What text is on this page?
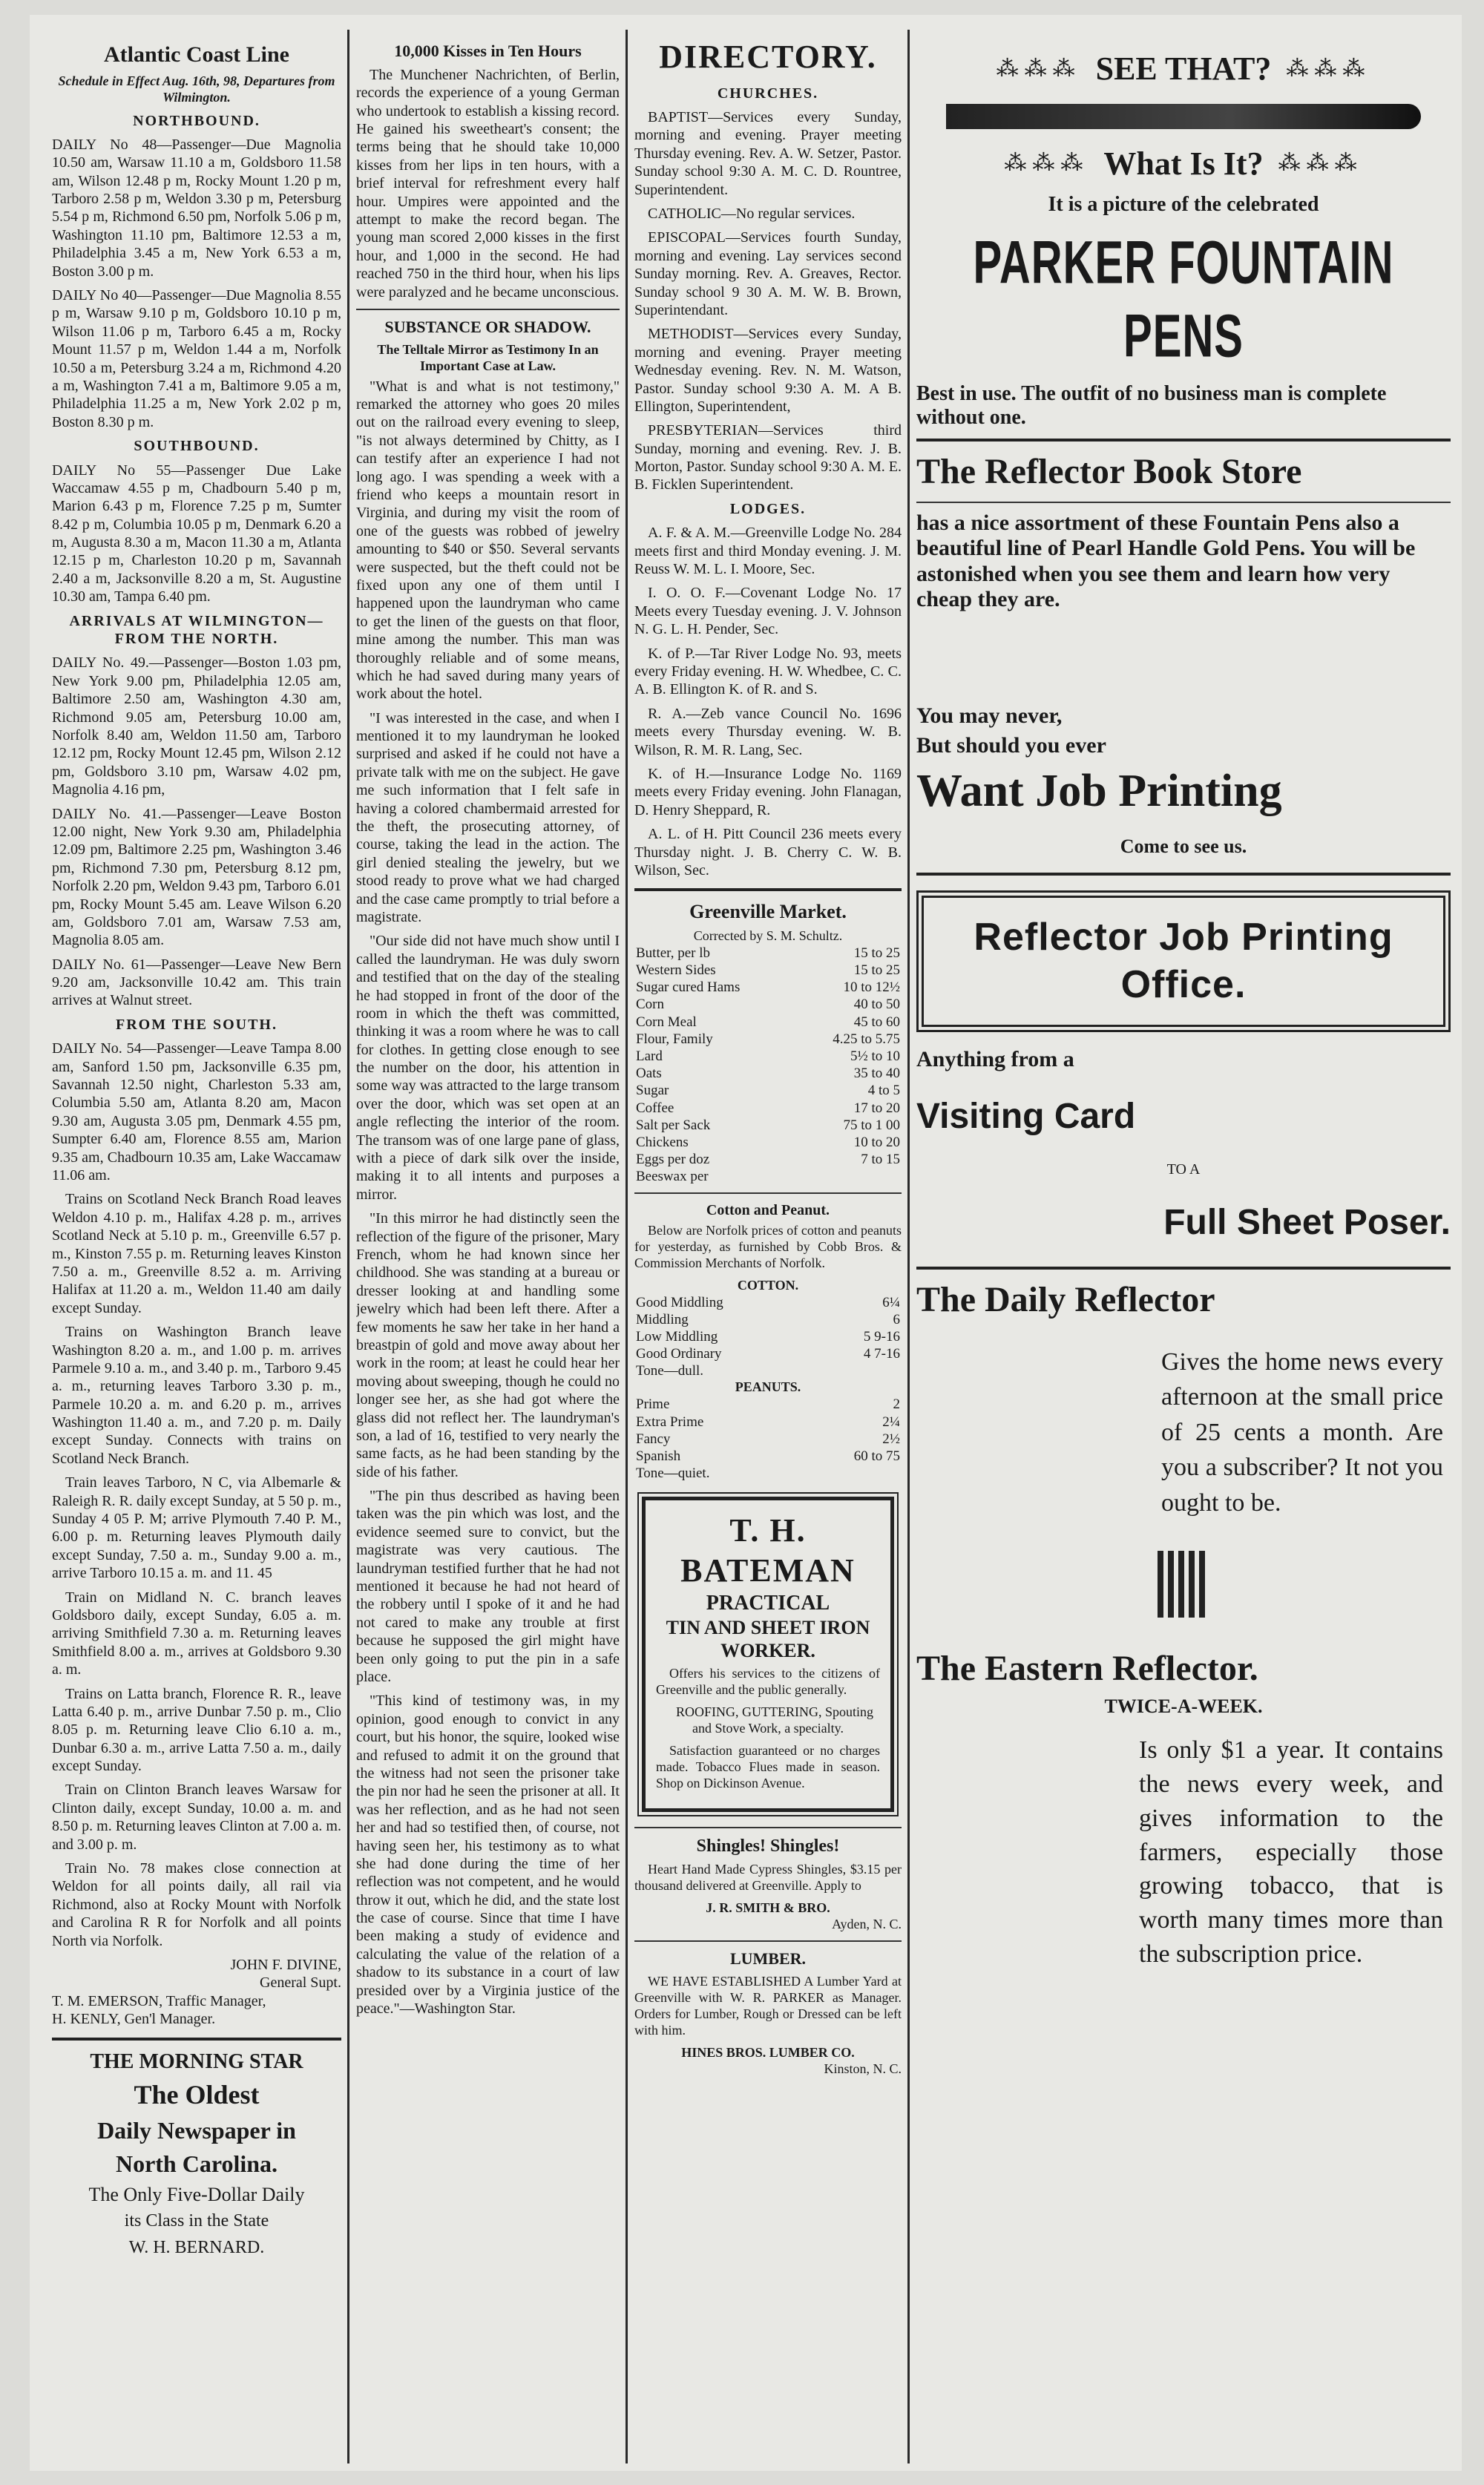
Atlantic Coast Line
Schedule in Effect Aug. 16th, 98, Departures from Wilmington.
NORTHBOUND.

DAILY No 48—Passenger—Due Magnolia 10.50 am, Warsaw 11.10 a m, Goldsboro 11.58 am, Wilson 12.48 p m, Rocky Mount 1.20 p m, Tarboro 2.58 p m, Weldon 3.30 p m, Petersburg 5.54 p m, Richmond 6.50 pm, Norfolk 5.06 p m, Washington 11.10 pm, Baltimore 12.53 a m, Philadelphia 3.45 a m, New York 6.53 a m, Boston 3.00 p m.

DAILY No 40—Passenger—Due Magnolia 8.55 p m, Warsaw 9.10 p m, Goldsboro 10.10 p m, Wilson 11.06 p m, Tarboro 6.45 a m, Rocky Mount 11.57 p m, Weldon 1.44 a m, Norfolk 10.50 a m, Petersburg 3.24 a m, Richmond 4.20 a m, Washington 7.41 a m, Baltimore 9.05 a m, Philadelphia 11.25 a m, New York 2.02 p m, Boston 8.30 p m.

SOUTHBOUND.

DAILY No 55—Passenger Due Lake Waccamaw 4.55 p m, Chadbourn 5.40 p m, Marion 6.43 p m, Florence 7.25 p m, Sumter 8.42 p m, Columbia 10.05 p m, Denmark 6.20 a m, Augusta 8.30 a m, Macon 11.30 a m, Atlanta 12.15 p m, Charleston 10.20 p m, Savannah 2.40 a m, Jacksonville 8.20 a m, St. Augustine 10.30 am, Tampa 6.40 pm.

ARRIVALS AT WILMINGTON—FROM THE NORTH.

DAILY No. 49.—Passenger—Boston 1.03 pm, New York 9.00 pm, Philadelphia 12.05 am, Baltimore 2.50 am, Washington 4.30 am, Richmond 9.05 am, Petersburg 10.00 am, Norfolk 8.40 am, Weldon 11.50 am, Tarboro 12.12 pm, Rocky Mount 12.45 pm, Wilson 2.12 pm, Goldsboro 3.10 pm, Warsaw 4.02 pm, Magnolia 4.16 pm,

DAILY No. 41.—Passenger—Leave Boston 12.00 night, New York 9.30 am, Philadelphia 12.09 pm, Baltimore 2.25 pm, Washington 3.46 pm, Richmond 7.30 pm, Petersburg 8.12 pm, Norfolk 2.20 pm, Weldon 9.43 pm, Tarboro 6.01 pm, Rocky Mount 5.45 am. Leave Wilson 6.20 am, Goldsboro 7.01 am, Warsaw 7.53 am, Magnolia 8.05 am.

DAILY No. 61—Passenger—Leave New Bern 9.20 am, Jacksonville 10.42 am. This train arrives at Walnut street.

FROM THE SOUTH.

DAILY No. 54—Passenger—Leave Tampa 8.00 am, Sanford 1.50 pm, Jacksonville 6.35 pm, Savannah 12.50 night, Charleston 5.33 am, Columbia 5.50 am, Atlanta 8.20 am, Macon 9.30 am, Augusta 3.05 pm, Denmark 4.55 pm, Sumpter 6.40 am, Florence 8.55 am, Marion 9.35 am, Chadbourn 10.35 am, Lake Waccamaw 11.06 am.

Trains on Scotland Neck Branch Road leaves Weldon 4.10 p. m., Halifax 4.28 p. m., arrives Scotland Neck at 5.10 p. m., Greenville 6.57 p. m., Kinston 7.55 p. m. Returning leaves Kinston 7.50 a. m., Greenville 8.52 a. m. Arriving Halifax at 11.20 a. m., Weldon 11.40 am daily except Sunday.

Trains on Washington Branch leave Washington 8.20 a. m., and 1.00 p. m. arrives Parmele 9.10 a. m., and 3.40 p. m., Tarboro 9.45 a. m., returning leaves Tarboro 3.30 p. m., Parmele 10.20 a. m. and 6.20 p. m., arrives Washington 11.40 a. m., and 7.20 p. m. Daily except Sunday. Connects with trains on Scotland Neck Branch.

Train leaves Tarboro, N C, via Albemarle & Raleigh R. R. daily except Sunday, at 5 50 p. m., Sunday 4 05 P. M; arrive Plymouth 7.40 P. M., 6.00 p. m. Returning leaves Plymouth daily except Sunday, 7.50 a. m., Sunday 9.00 a. m., arrive Tarboro 10.15 a. m. and 11. 45

Train on Midland N. C. branch leaves Goldsboro daily, except Sunday, 6.05 a. m. arriving Smithfield 7.30 a. m. Returning leaves Smithfield 8.00 a. m., arrives at Goldsboro 9.30 a. m.

Trains on Latta branch, Florence R. R., leave Latta 6.40 p. m., arrive Dunbar 7.50 p. m., Clio 8.05 p. m. Returning leave Clio 6.10 a. m., Dunbar 6.30 a. m., arrive Latta 7.50 a. m., daily except Sunday.

Train on Clinton Branch leaves Warsaw for Clinton daily, except Sunday, 10.00 a. m. and 8.50 p. m. Returning leaves Clinton at 7.00 a. m. and 3.00 p. m.

Train No. 78 makes close connection at Weldon for all points daily, all rail via Richmond, also at Rocky Mount with Norfolk and Carolina R R for Norfolk and all points North via Norfolk.

JOHN F. DIVINE,
General Supt.
T. M. EMERSON, Traffic Manager,
H. KENLY, Gen'l Manager.
THE MORNING STAR
The Oldest
Daily Newspaper in
North Carolina.
The Only Five-Dollar Daily
its Class in the State
W. H. BERNARD.
10,000 Kisses in Ten Hours

The Munchener Nachrichten, of Berlin, records the experience of a young German who undertook to establish a kissing record. He gained his sweetheart's consent; the terms being that he should take 10,000 kisses from her lips in ten hours, with a brief interval for refreshment every half hour. Umpires were appointed and the attempt to make the record began. The young man scored 2,000 kisses in the first hour, and 1,000 in the second. He had reached 750 in the third hour, when his lips were paralyzed and he became unconscious.

SUBSTANCE OR SHADOW.
The Telltale Mirror as Testimony In an Important Case at Law.

"What is and what is not testimony," remarked the attorney who goes 20 miles out on the railroad every evening to sleep, "is not always determined by Chitty, as I can testify after an experience I had not long ago. I was spending a week with a friend who keeps a mountain resort in Virginia, and during my visit the room of one of the guests was robbed of jewelry amounting to $40 or $50. Several servants were suspected, but the theft could not be fixed upon any one of them until I happened upon the laundryman who came to get the linen of the guests on that floor, mine among the number. This man was thoroughly reliable and of some means, which he had saved during many years of work about the hotel.

"I was interested in the case, and when I mentioned it to my laundryman he looked surprised and asked if he could not have a private talk with me on the subject. He gave me such information that I felt safe in having a colored chambermaid arrested for the theft, the prosecuting attorney, of course, taking the lead in the action. The girl denied stealing the jewelry, but we stood ready to prove what we had charged and the case came promptly to trial before a magistrate.

"Our side did not have much show until I called the laundryman. He was duly sworn and testified that on the day of the stealing he had stopped in front of the door of the room in which the theft was committed, thinking it was a room where he was to call for clothes. In getting close enough to see the number on the door, his attention in some way was attracted to the large transom over the door, which was set open at an angle reflecting the interior of the room. The transom was of one large pane of glass, with a piece of dark silk over the inside, making it to all intents and purposes a mirror.

"In this mirror he had distinctly seen the reflection of the figure of the prisoner, Mary French, whom he had known since her childhood. She was standing at a bureau or dresser looking at and handling some jewelry which had been left there. After a few moments he saw her take in her hand a breastpin of gold and move away about her work in the room; at least he could hear her moving about sweeping, though he could no longer see her, as she had got where the glass did not reflect her. The laundryman's son, a lad of 16, testified to very nearly the same facts, as he had been standing by the side of his father.

"The pin thus described as having been taken was the pin which was lost, and the evidence seemed sure to convict, but the magistrate was very cautious. The laundryman testified further that he had not mentioned it because he had not heard of the robbery until I spoke of it and he had not cared to make any trouble at first because he supposed the girl might have been only going to put the pin in a safe place.

"This kind of testimony was, in my opinion, good enough to convict in any court, but his honor, the squire, looked wise and refused to admit it on the ground that the witness had not seen the prisoner take the pin nor had he seen the prisoner at all. It was her reflection, and as he had not seen her and had so testified then, of course, not having seen her, his testimony as to what she had done during the time of her reflection was not competent, and he would throw it out, which he did, and the state lost the case of course. Since that time I have been making a study of evidence and calculating the value of the relation of a shadow to its substance in a court of law presided over by a Virginia justice of the peace."—Washington Star.

DIRECTORY.
CHURCHES.

BAPTIST—Services every Sunday, morning and evening. Prayer meeting Thursday evening. Rev. A. W. Setzer, Pastor. Sunday school 9:30 A. M. C. D. Rountree, Superintendent.

CATHOLIC—No regular services.

EPISCOPAL—Services fourth Sunday, morning and evening. Lay services second Sunday morning. Rev. A. Greaves, Rector. Sunday school 9 30 A. M. W. B. Brown, Superintendant.

METHODIST—Services every Sunday, morning and evening. Prayer meeting Wednesday evening. Rev. N. M. Watson, Pastor. Sunday school 9:30 A. M. A B. Ellington, Superintendent,

PRESBYTERIAN—Services third Sunday, morning and evening. Rev. J. B. Morton, Pastor. Sunday school 9:30 A. M. E. B. Ficklen Superintendent.

LODGES.

A. F. & A. M.—Greenville Lodge No. 284 meets first and third Monday evening. J. M. Reuss W. M. L. I. Moore, Sec.

I. O. O. F.—Covenant Lodge No. 17 Meets every Tuesday evening. J. V. Johnson N. G. L. H. Pender, Sec.

K. of P.—Tar River Lodge No. 93, meets every Friday evening. H. W. Whedbee, C. C. A. B. Ellington K. of R. and S.

R. A.—Zeb vance Council No. 1696 meets every Thursday evening. W. B. Wilson, R. M. R. Lang, Sec.

K. of H.—Insurance Lodge No. 1169 meets every Friday evening. John Flanagan, D. Henry Sheppard, R.

A. L. of H. Pitt Council 236 meets every Thursday night. J. B. Cherry C. W. B. Wilson, Sec.

Greenville Market.
Corrected by S. M. Schultz.
Butter, per lb	15 to 25
Western Sides	15 to 25
Sugar cured Hams	10 to 12½
Corn	40 to 50
Corn Meal	45 to 60
Flour, Family	4.25 to 5.75
Lard	5½ to 10
Oats	35 to 40
Sugar	4 to 5
Coffee	17 to 20
Salt per Sack	75 to 1 00
Chickens	10 to 20
Eggs per doz	7 to 15
Beeswax per	
Cotton and Peanut.

Below are Norfolk prices of cotton and peanuts for yesterday, as furnished by Cobb Bros. & Commission Merchants of Norfolk.

COTTON.
Good Middling	6¼
Middling	6
Low Middling	5 9-16
Good Ordinary	4 7-16
Tone—dull.	
PEANUTS.
Prime	2
Extra Prime	2¼
Fancy	2½
Spanish	60 to 75
Tone—quiet.	
T. H. BATEMAN
PRACTICAL
TIN AND SHEET IRON
WORKER.

Offers his services to the citizens of Greenville and the public generally.

ROOFING, GUTTERING, Spouting and Stove Work, a specialty.

Satisfaction guaranteed or no charges made. Tobacco Flues made in season. Shop on Dickinson Avenue.

Shingles! Shingles!

Heart Hand Made Cypress Shingles, $3.15 per thousand delivered at Greenville. Apply to

J. R. SMITH & BRO.
Ayden, N. C.
LUMBER.

WE HAVE ESTABLISHED A Lumber Yard at Greenville with W. R. PARKER as Manager. Orders for Lumber, Rough or Dressed can be left with him.

HINES BROS. LUMBER CO.
Kinston, N. C.
⁂⁂⁂ SEE THAT? ⁂⁂⁂
⁂⁂⁂ What Is It? ⁂⁂⁂
It is a picture of the celebrated
PARKER FOUNTAIN PENS
Best in use. The outfit of no business man is complete without one.
The Reflector Book Store
has a nice assortment of these Fountain Pens also a beautiful line of Pearl Handle Gold Pens. You will be astonished when you see them and learn how very cheap they are.
You may never,
But should you ever
Want Job Printing
Come to see us.
Reflector Job Printing Office.
Anything from a
Visiting Card
TO A
Full Sheet Poser.
The Daily Reflector
Gives the home news every afternoon at the small price of 25 cents a month. Are you a subscriber? It not you ought to be.
The Eastern Reflector.
TWICE-A-WEEK.
Is only $1 a year. It contains the news every week, and gives information to the farmers, especially those growing tobacco, that is worth many times more than the subscription price.
